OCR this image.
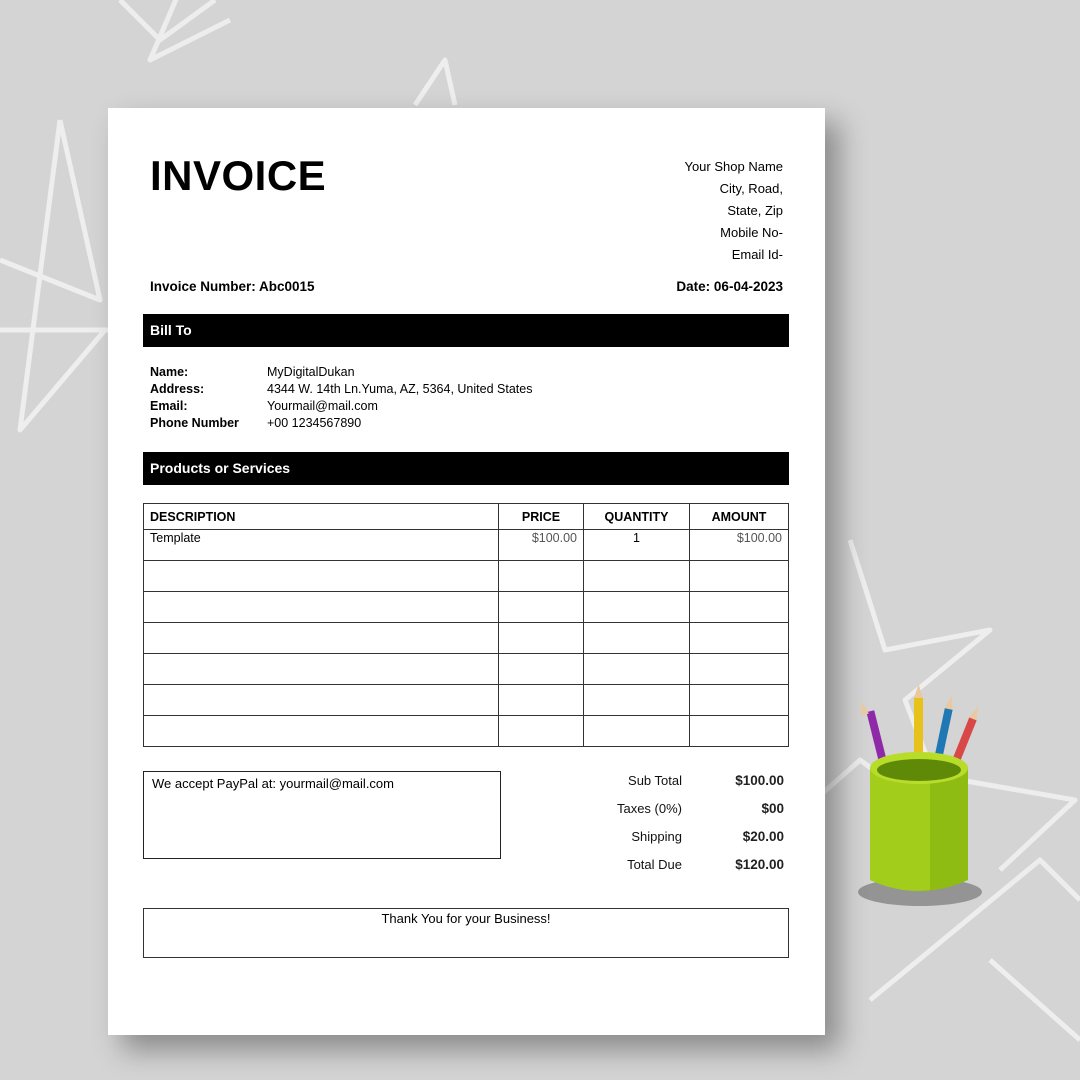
INVOICE	Your Shop Name
City, Road,
State, Zip
Mobile No-
Email Id-
Invoice Number: Abc0015	Date: 06-04-2023
Bill To
Name:	MyDigitalDukan
Address:	4344 W. 14th Ln.Yuma, AZ, 5364, United States
Email:	Yourmail@mail.com
Phone Number	+00 1234567890
Products or Services
DESCRIPTION	PRICE	QUANTITY	AMOUNT
Template	$100.00	1	$100.00

We accept PayPal at: yourmail@mail.com	Sub Total	$100.00
Taxes (0%)	$00
Shipping	$20.00
Total Due	$120.00
Thank You for your Business!
